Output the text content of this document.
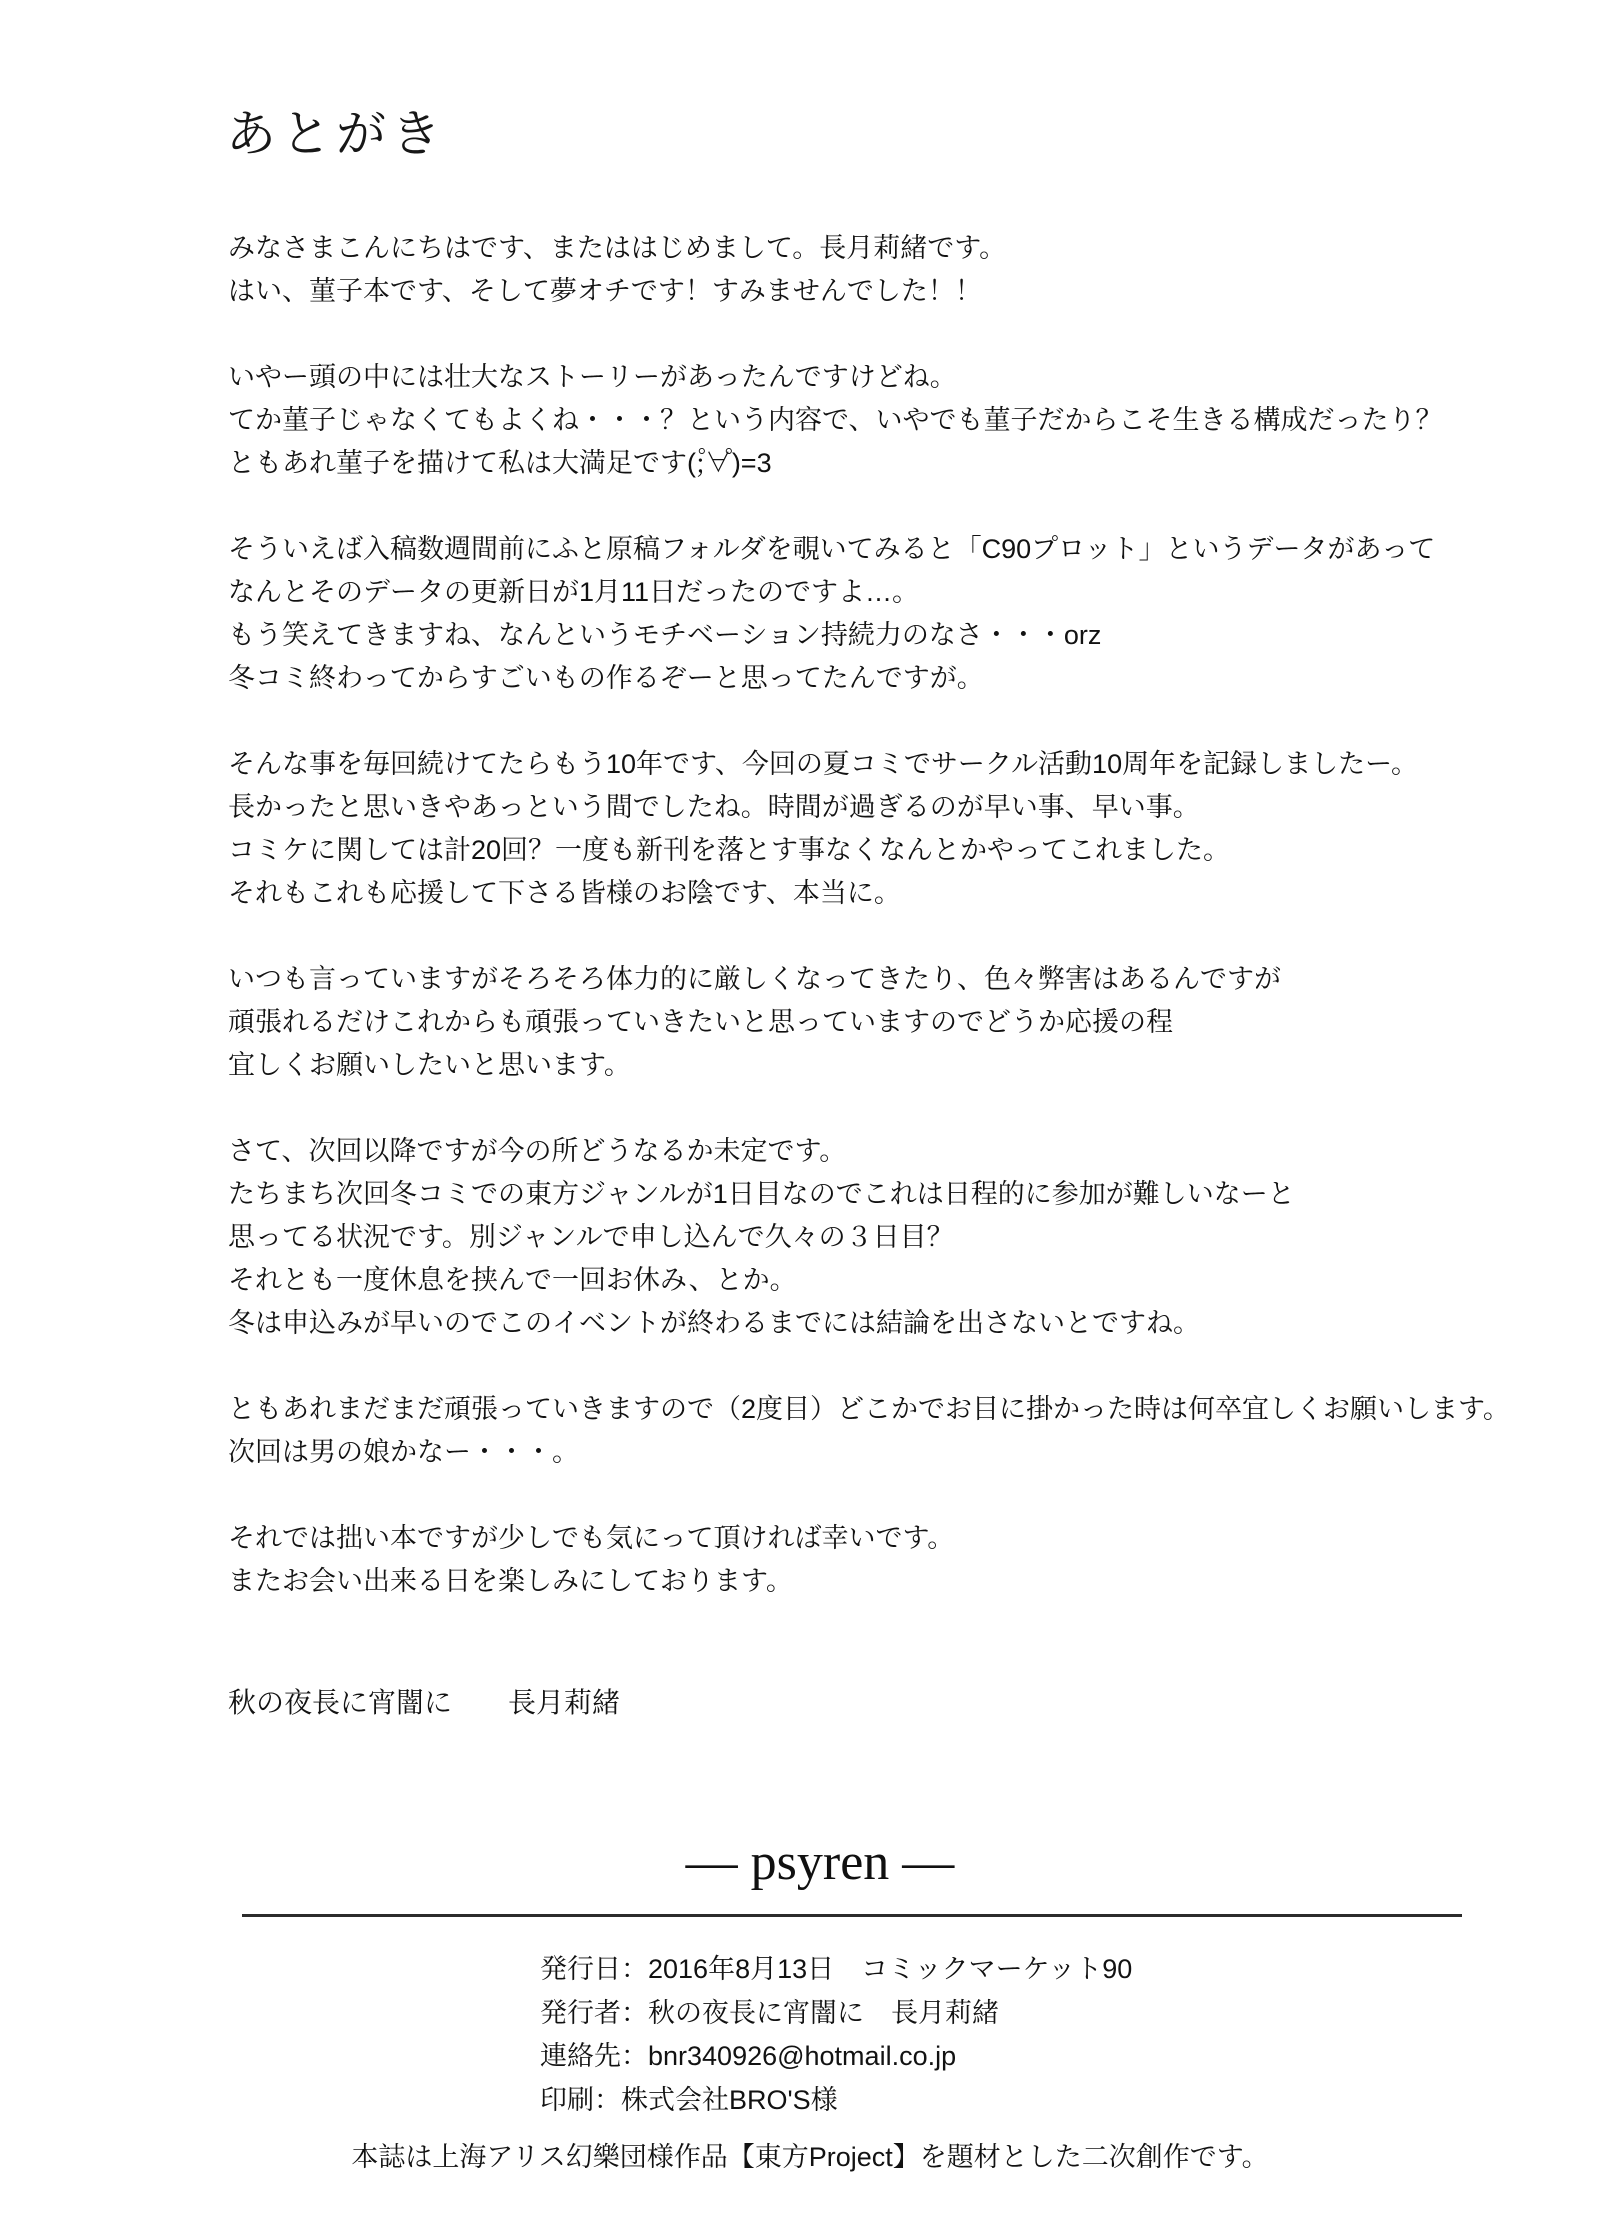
あとがき
みなさまこんにちはです、またははじめまして。長月莉緒です。
はい、菫子本です、そして夢オチです！すみませんでした！！
いやー頭の中には壮大なストーリーがあったんですけどね。
てか菫子じゃなくてもよくね・・・？という内容で、いやでも菫子だからこそ生きる構成だったり？
ともあれ菫子を描けて私は大満足です(;゚∀゚)=3
そういえば入稿数週間前にふと原稿フォルダを覗いてみると「C90プロット」というデータがあって
なんとそのデータの更新日が1月11日だったのですよ…。
もう笑えてきますね、なんというモチベーション持続力のなさ・・・orz
冬コミ終わってからすごいもの作るぞーと思ってたんですが。
そんな事を毎回続けてたらもう10年です、今回の夏コミでサークル活動10周年を記録しましたー。
長かったと思いきやあっという間でしたね。時間が過ぎるのが早い事、早い事。
コミケに関しては計20回？一度も新刊を落とす事なくなんとかやってこれました。
それもこれも応援して下さる皆様のお陰です、本当に。
いつも言っていますがそろそろ体力的に厳しくなってきたり、色々弊害はあるんですが
頑張れるだけこれからも頑張っていきたいと思っていますのでどうか応援の程
宜しくお願いしたいと思います。
さて、次回以降ですが今の所どうなるか未定です。
たちまち次回冬コミでの東方ジャンルが1日目なのでこれは日程的に参加が難しいなーと
思ってる状況です。別ジャンルで申し込んで久々の３日目？
それとも一度休息を挟んで一回お休み、とか。
冬は申込みが早いのでこのイベントが終わるまでには結論を出さないとですね。
ともあれまだまだ頑張っていきますので（2度目）どこかでお目に掛かった時は何卒宜しくお願いします。
次回は男の娘かなー・・・。
それでは拙い本ですが少しでも気にって頂ければ幸いです。
またお会い出来る日を楽しみにしております。
秋の夜長に宵闇に　　長月莉緒
— psyren —
発行日：2016年8月13日　コミックマーケット90
発行者：秋の夜長に宵闇に　長月莉緒
連絡先：bnr340926@hotmail.co.jp
印刷：株式会社BRO'S様
本誌は上海アリス幻樂団様作品【東方Project】を題材とした二次創作です。
